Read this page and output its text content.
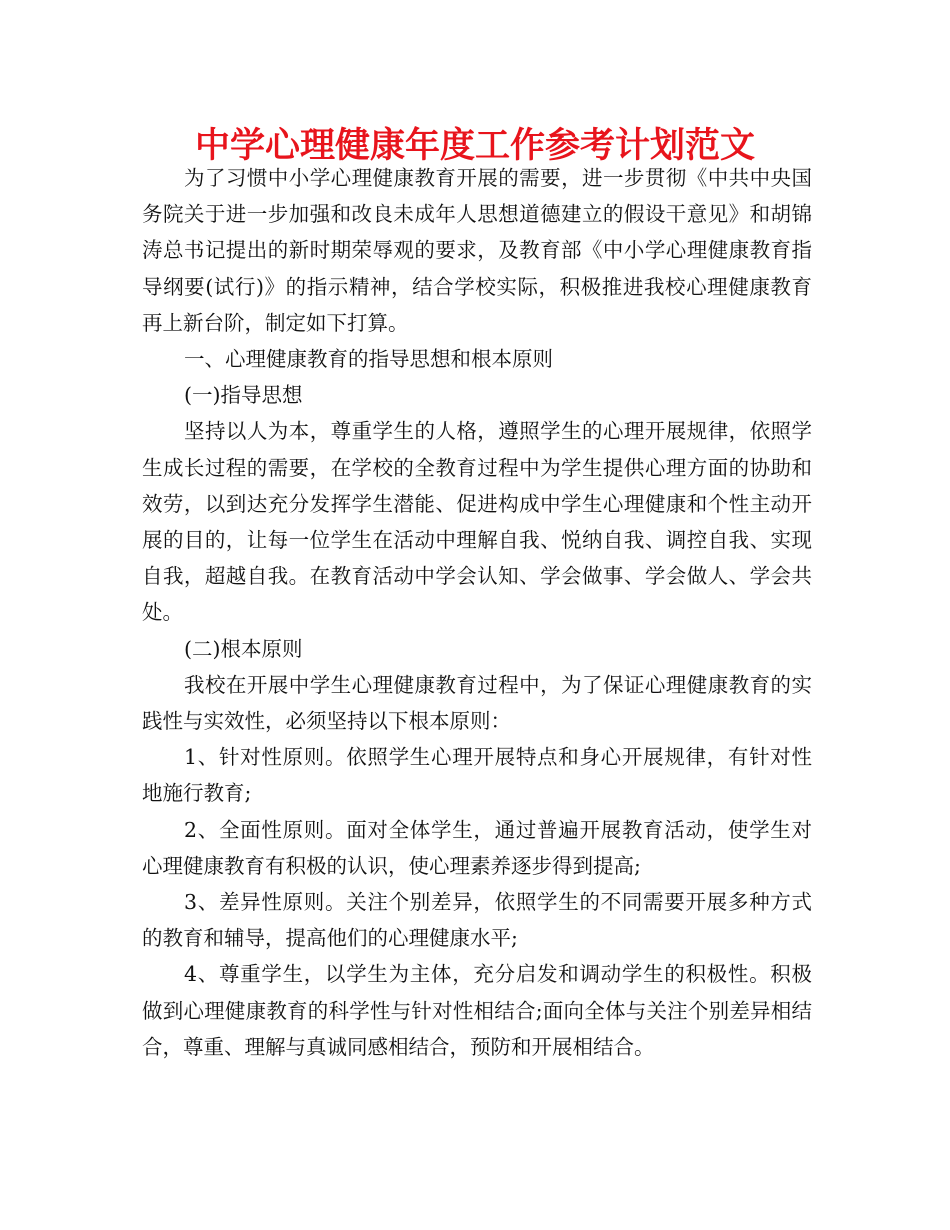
中学心理健康年度工作参考计划范文

为了习惯中小学心理健康教育开展的需要，进一步贯彻《中共中央国务院关于进一步加强和改良未成年人思想道德建立的假设干意见》和胡锦涛总书记提出的新时期荣辱观的要求，及教育部《中小学心理健康教育指导纲要(试行)》的指示精神，结合学校实际，积极推进我校心理健康教育再上新台阶，制定如下打算。

一、心理健康教育的指导思想和根本原则

(一)指导思想

坚持以人为本，尊重学生的人格，遵照学生的心理开展规律，依照学生成长过程的需要，在学校的全教育过程中为学生提供心理方面的协助和效劳，以到达充分发挥学生潜能、促进构成中学生心理健康和个性主动开展的目的，让每一位学生在活动中理解自我、悦纳自我、调控自我、实现自我，超越自我。在教育活动中学会认知、学会做事、学会做人、学会共处。

(二)根本原则

我校在开展中学生心理健康教育过程中，为了保证心理健康教育的实践性与实效性，必须坚持以下根本原则：

1、针对性原则。依照学生心理开展特点和身心开展规律，有针对性地施行教育;

2、全面性原则。面对全体学生，通过普遍开展教育活动，使学生对心理健康教育有积极的认识，使心理素养逐步得到提高;

3、差异性原则。关注个别差异，依照学生的不同需要开展多种方式的教育和辅导，提高他们的心理健康水平;

4、尊重学生，以学生为主体，充分启发和调动学生的积极性。积极做到心理健康教育的科学性与针对性相结合;面向全体与关注个别差异相结合，尊重、理解与真诚同感相结合，预防和开展相结合。
